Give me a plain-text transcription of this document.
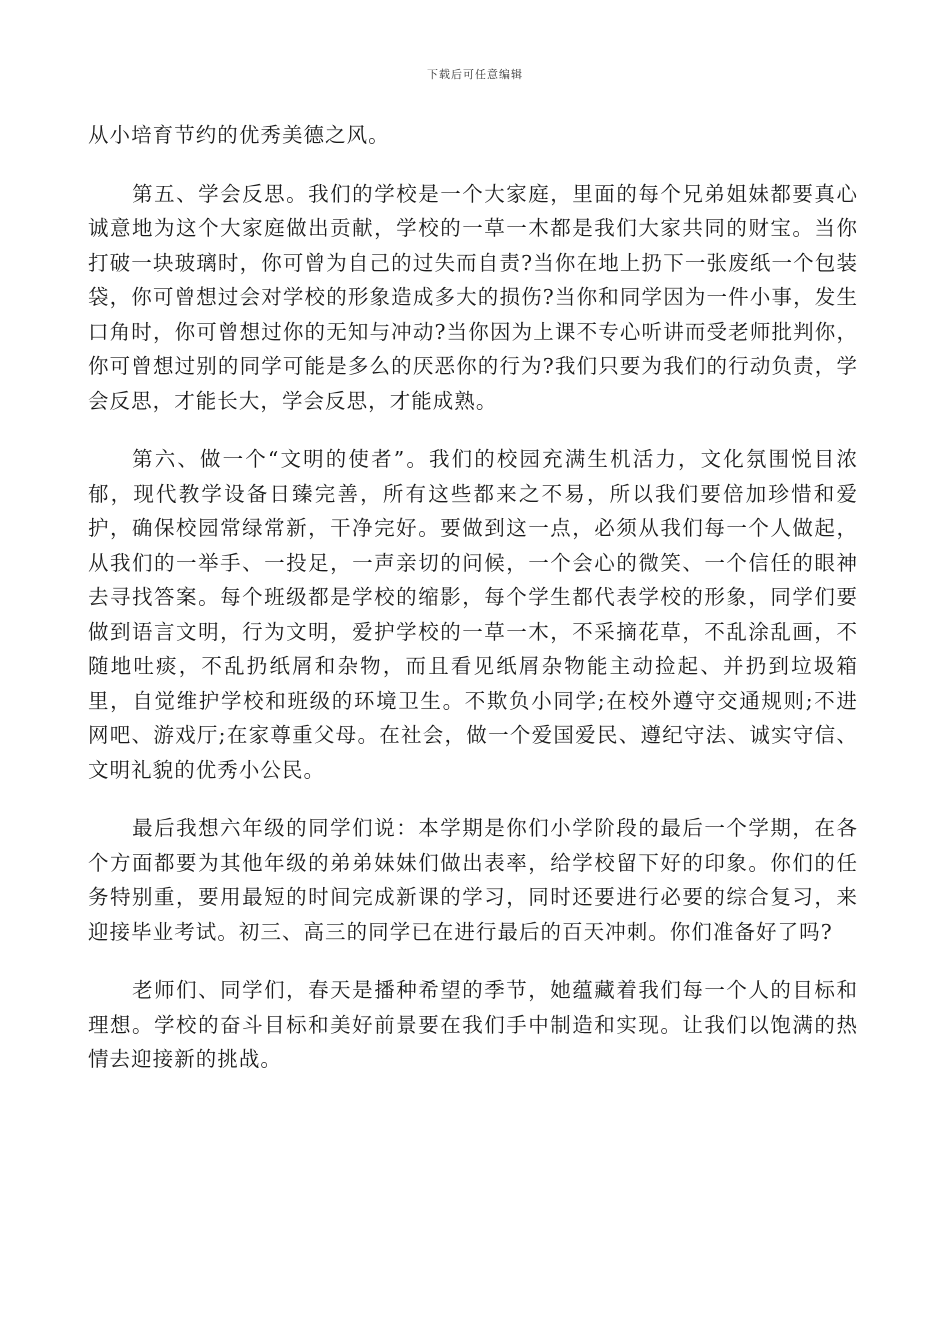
下载后可任意编辑

从小培育节约的优秀美德之风。

第五、学会反思。我们的学校是一个大家庭，里面的每个兄弟姐妹都要真心诚意地为这个大家庭做出贡献，学校的一草一木都是我们大家共同的财宝。当你打破一块玻璃时，你可曾为自己的过失而自责?当你在地上扔下一张废纸一个包装袋，你可曾想过会对学校的形象造成多大的损伤?当你和同学因为一件小事，发生口角时，你可曾想过你的无知与冲动?当你因为上课不专心听讲而受老师批判你，你可曾想过别的同学可能是多么的厌恶你的行为?我们只要为我们的行动负责，学会反思，才能长大，学会反思，才能成熟。

第六、做一个“文明的使者”。我们的校园充满生机活力，文化氛围悦目浓郁，现代教学设备日臻完善，所有这些都来之不易，所以我们要倍加珍惜和爱护，确保校园常绿常新，干净完好。要做到这一点，必须从我们每一个人做起，从我们的一举手、一投足，一声亲切的问候，一个会心的微笑、一个信任的眼神去寻找答案。每个班级都是学校的缩影，每个学生都代表学校的形象，同学们要做到语言文明，行为文明，爱护学校的一草一木，不采摘花草，不乱涂乱画，不随地吐痰，不乱扔纸屑和杂物，而且看见纸屑杂物能主动捡起、并扔到垃圾箱里，自觉维护学校和班级的环境卫生。不欺负小同学;在校外遵守交通规则;不进网吧、游戏厅;在家尊重父母。在社会，做一个爱国爱民、遵纪守法、诚实守信、文明礼貌的优秀小公民。

最后我想六年级的同学们说：本学期是你们小学阶段的最后一个学期，在各个方面都要为其他年级的弟弟妹妹们做出表率，给学校留下好的印象。你们的任务特别重，要用最短的时间完成新课的学习，同时还要进行必要的综合复习，来迎接毕业考试。初三、高三的同学已在进行最后的百天冲刺。你们准备好了吗?

老师们、同学们，春天是播种希望的季节，她蕴藏着我们每一个人的目标和理想。学校的奋斗目标和美好前景要在我们手中制造和实现。让我们以饱满的热情去迎接新的挑战。
